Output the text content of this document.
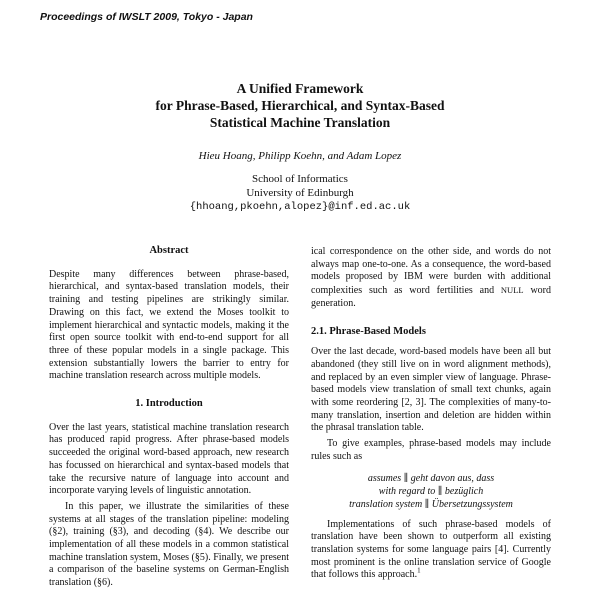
Proceedings of IWSLT 2009, Tokyo - Japan
A Unified Framework
for Phrase-Based, Hierarchical, and Syntax-Based
Statistical Machine Translation
Hieu Hoang, Philipp Koehn, and Adam Lopez
School of Informatics
University of Edinburgh
{hhoang,pkoehn,alopez}@inf.ed.ac.uk
Abstract

Despite many differences between phrase-based, hierarchical, and syntax-based translation models, their training and testing pipelines are strikingly similar. Drawing on this fact, we extend the Moses toolkit to implement hierarchical and syntactic models, making it the first open source toolkit with end-to-end support for all three of these popular models in a single package. This extension substantially lowers the barrier to entry for machine translation research across multiple models.

1. Introduction

Over the last years, statistical machine translation research has produced rapid progress. After phrase-based models succeeded the original word-based approach, new research has focussed on hierarchical and syntax-based models that take the recursive nature of language into account and incorporate varying levels of linguistic annotation.

In this paper, we illustrate the similarities of these systems at all stages of the translation pipeline: modeling (§2), training (§3), and decoding (§4). We describe our implementation of all these models in a common statistical machine translation system, Moses (§5). Finally, we present a comparison of the baseline systems on German-English translation (§6).

ical correspondence on the other side, and words do not always map one-to-one. As a consequence, the word-based models proposed by IBM were burden with additional complexities such as word fertilities and NULL word generation.

2.1. Phrase-Based Models

Over the last decade, word-based models have been all but abandoned (they still live on in word alignment methods), and replaced by an even simpler view of language. Phrase-based models view translation of small text chunks, again with some reordering [2, 3]. The complexities of many-to-many translation, insertion and deletion are hidden within the phrasal translation table.

To give examples, phrase-based models may include rules such as

assumes ∥ geht davon aus, dass
with regard to ∥ bezüglich
translation system ∥ Übersetzungssystem

Implementations of such phrase-based models of translation have been shown to outperform all existing translation systems for some language pairs [4]. Currently most prominent is the online translation service of Google that follows this approach.$^1$
